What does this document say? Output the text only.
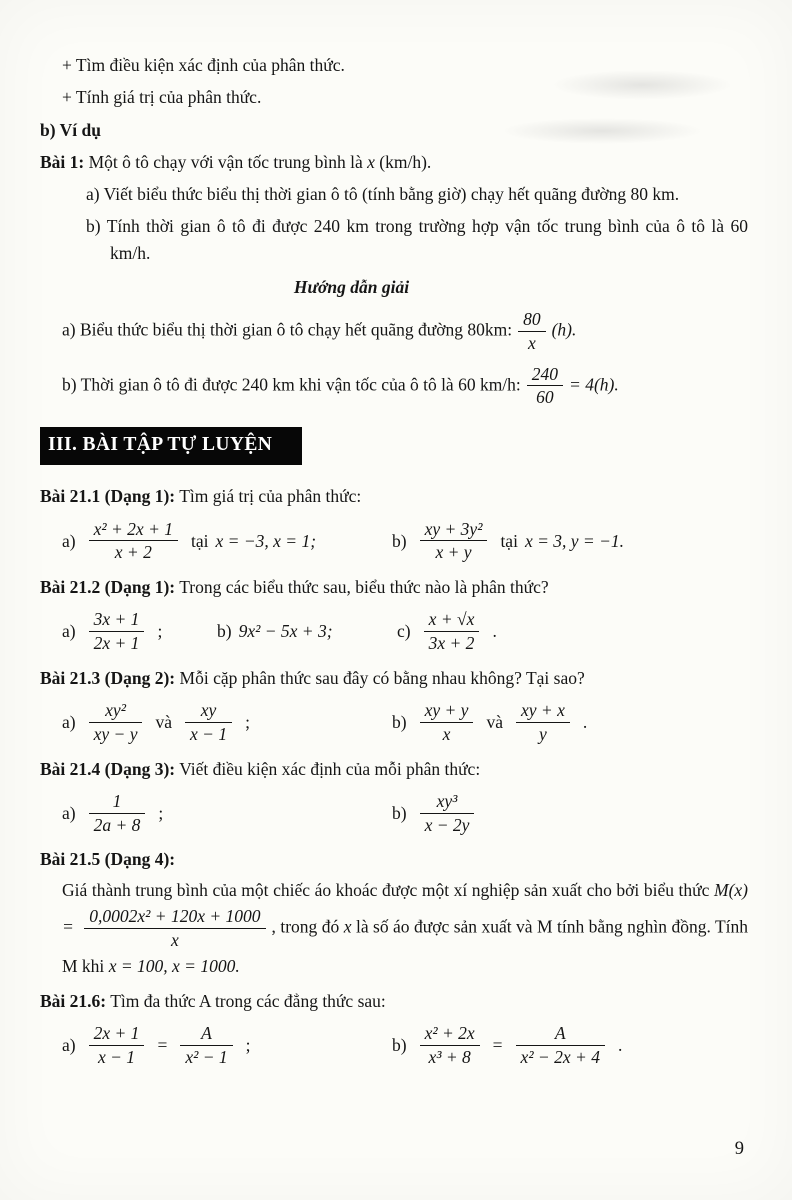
+ Tìm điều kiện xác định của phân thức.
+ Tính giá trị của phân thức.
b) Ví dụ
Bài 1: Một ô tô chạy với vận tốc trung bình là x (km/h).
a) Viết biểu thức biểu thị thời gian ô tô (tính bằng giờ) chạy hết quãng đường 80 km.
b) Tính thời gian ô tô đi được 240 km trong trường hợp vận tốc trung bình của ô tô là 60 km/h.
Hướng dẫn giải
a) Biểu thức biểu thị thời gian ô tô chạy hết quãng đường 80km: $\frac{80}{x} (h)$.
b) Thời gian ô tô đi được 240 km khi vận tốc của ô tô là 60 km/h: $\frac{240}{60} = 4(h)$.
III. BÀI TẬP TỰ LUYỆN
Bài 21.1 (Dạng 1): Tìm giá trị của phân thức:
$a) \frac{\text{x² + 2x + 1}}{x + 2}$ tại x = −3, x = 1;	$b) \frac{\text{xy + 3y²}}{x + y}$ tại x = 3, y = −1.
Bài 21.2 (Dạng 1): Trong các biểu thức sau, biểu thức nào là phân thức?
$a) \frac{3x + 1}{2x + 1}$ ;	b) 9x² − 5x + 3;	$c) \frac{x + √x}{3x + 2}$ .
Bài 21.3 (Dạng 2): Mỗi cặp phân thức sau đây có bằng nhau không? Tại sao?
$a) \frac{\text{xy²}}{xy - y}$ và $\frac{xy}{x - 1}$ ;	$b) \frac{xy + y}{x}$ và $\frac{xy + x}{y}$ .
Bài 21.4 (Dạng 3): Viết điều kiện xác định của mỗi phân thức:
$a) \frac{1}{2a + 8}$ ;	$b) \frac{\text{xy³}}{x - 2y}$
Bài 21.5 (Dạng 4):
Giá thành trung bình của một chiếc áo khoác được một xí nghiệp sản xuất cho bởi biểu thức $M(x) = \frac{\text{0,0002x² + 120x + 1000}}{x}$ , trong đó x là số áo được sản xuất và M tính bằng nghìn đồng. Tính M khi x = 100, x = 1000.
Bài 21.6: Tìm đa thức A trong các đẳng thức sau:
$a) \frac{2x + 1}{x - 1} = \frac{A}{\text{x² − 1}}$ ;	$b) \frac{\text{x² + 2x}}{\text{x³ + 8}} = \frac{A}{\text{x² − 2x + 4}}$ .
9
